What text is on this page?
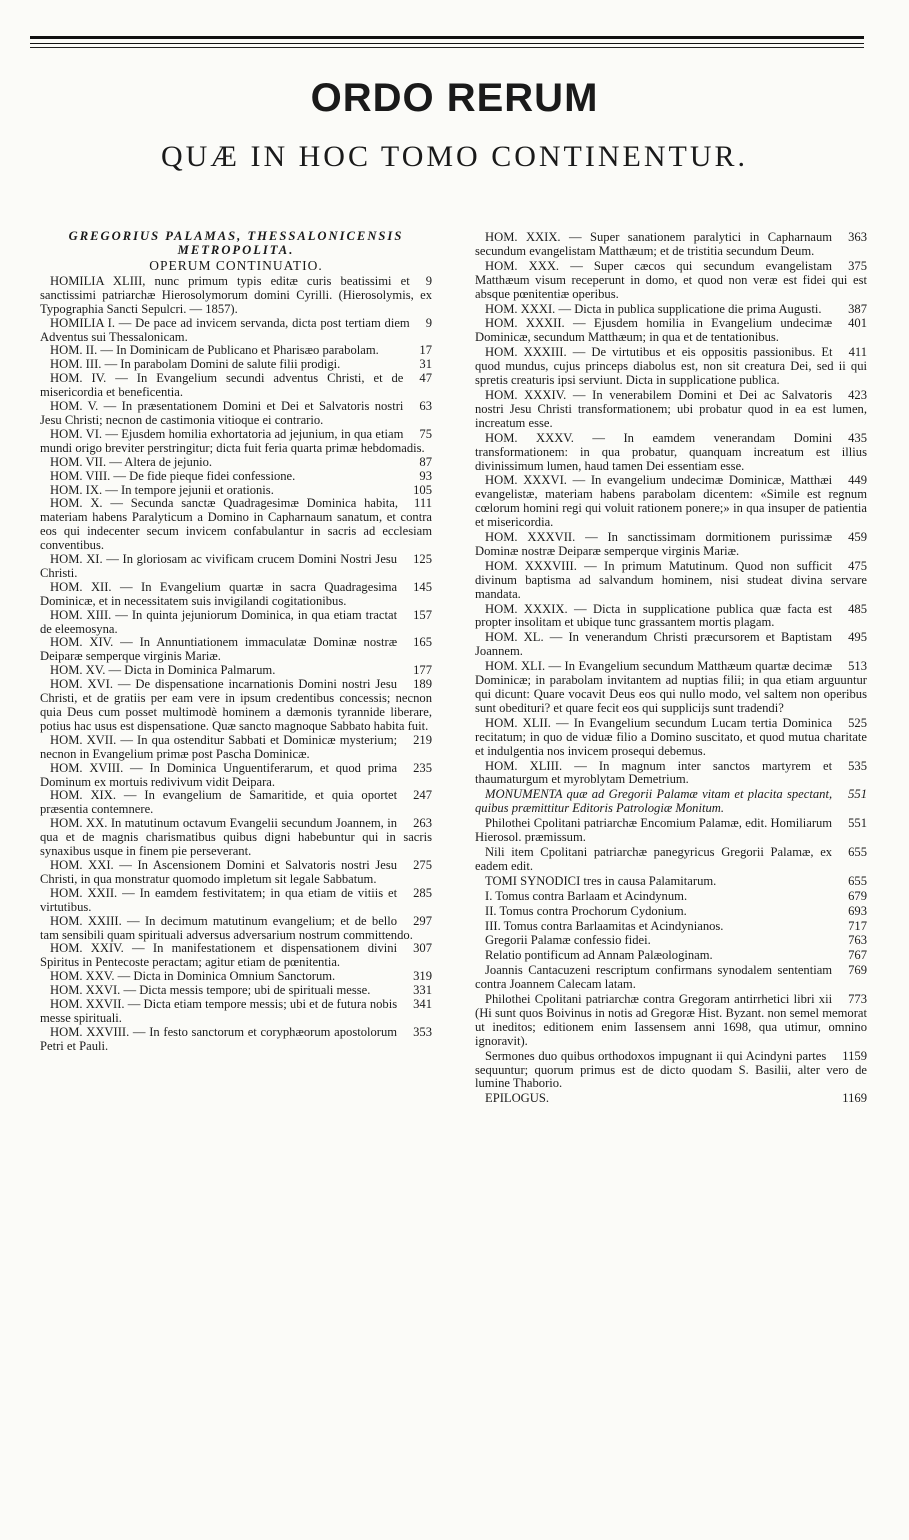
ORDO RERUM
QUÆ IN HOC TOMO CONTINENTUR.
GREGORIUS PALAMAS, THESSALONICENSIS METROPOLITA.
OPERUM CONTINUATIO.
9
HOMILIA XLIII, nunc primum typis editæ curis beatissimi et sanctissimi patriarchæ Hierosolymorum domini Cyrilli. (Hierosolymis, ex Typographia Sancti Sepulcri. — 1857).
9
HOMILIA I. — De pace ad invicem servanda, dicta post tertiam diem Adventus sui Thessalonicam.
17
HOM. II. — In Dominicam de Publicano et Pharisæo parabolam.
31
HOM. III. — In parabolam Domini de salute filii prodigi.
47
HOM. IV. — In Evangelium secundi adventus Christi, et de misericordia et beneficentia.
63
HOM. V. — In præsentationem Domini et Dei et Salvatoris nostri Jesu Christi; necnon de castimonia vitioque ei contrario.
75
HOM. VI. — Ejusdem homilia exhortatoria ad jejunium, in qua etiam mundi origo breviter perstringitur; dicta fuit feria quarta primæ hebdomadis.
87
HOM. VII. — Altera de jejunio.
93
HOM. VIII. — De fide pieque fidei confessione.
105
HOM. IX. — In tempore jejunii et orationis.
111
HOM. X. — Secunda sanctæ Quadragesimæ Dominica habita, materiam habens Paralyticum a Domino in Capharnaum sanatum, et contra eos qui indecenter secum invicem confabulantur in sacris ad ecclesiam conventibus.
125
HOM. XI. — In gloriosam ac vivificam crucem Domini Nostri Jesu Christi.
145
HOM. XII. — In Evangelium quartæ in sacra Quadragesima Dominicæ, et in necessitatem suis invigilandi cogitationibus.
157
HOM. XIII. — In quinta jejuniorum Dominica, in qua etiam tractat de eleemosyna.
165
HOM. XIV. — In Annuntiationem immaculatæ Dominæ nostræ Deiparæ semperque virginis Mariæ.
177
HOM. XV. — Dicta in Dominica Palmarum.
189
HOM. XVI. — De dispensatione incarnationis Domini nostri Jesu Christi, et de gratiis per eam vere in ipsum credentibus concessis; necnon quia Deus cum posset multimodè hominem a dæmonis tyrannide liberare, potius hac usus est dispensatione. Quæ sancto magnoque Sabbato habita fuit.
219
HOM. XVII. — In qua ostenditur Sabbati et Dominicæ mysterium; necnon in Evangelium primæ post Pascha Dominicæ.
235
HOM. XVIII. — In Dominica Unguentiferarum, et quod prima Dominum ex mortuis redivivum vidit Deipara.
247
HOM. XIX. — In evangelium de Samaritide, et quia oportet præsentia contemnere.
263
HOM. XX. In matutinum octavum Evangelii secundum Joannem, in qua et de magnis charismatibus quibus digni habebuntur qui in sacris synaxibus usque in finem pie perseverant.
275
HOM. XXI. — In Ascensionem Domini et Salvatoris nostri Jesu Christi, in qua monstratur quomodo impletum sit legale Sabbatum.
285
HOM. XXII. — In eamdem festivitatem; in qua etiam de vitiis et virtutibus.
297
HOM. XXIII. — In decimum matutinum evangelium; et de bello tam sensibili quam spirituali adversus adversarium nostrum committendo.
307
HOM. XXIV. — In manifestationem et dispensationem divini Spiritus in Pentecoste peractam; agitur etiam de pœnitentia.
319
HOM. XXV. — Dicta in Dominica Omnium Sanctorum.
331
HOM. XXVI. — Dicta messis tempore; ubi de spirituali messe.
341
HOM. XXVII. — Dicta etiam tempore messis; ubi et de futura nobis messe spirituali.
353
HOM. XXVIII. — In festo sanctorum et coryphæorum apostolorum Petri et Pauli.
363
HOM. XXIX. — Super sanationem paralytici in Capharnaum secundum evangelistam Matthæum; et de tristitia secundum Deum.
375
HOM. XXX. — Super cæcos qui secundum evangelistam Matthæum visum receperunt in domo, et quod non veræ est fidei qui est absque pœnitentiæ operibus.
387
HOM. XXXI. — Dicta in publica supplicatione die prima Augusti.
401
HOM. XXXII. — Ejusdem homilia in Evangelium undecimæ Dominicæ, secundum Matthæum; in qua et de tentationibus.
411
HOM. XXXIII. — De virtutibus et eis oppositis passionibus. Et quod mundus, cujus princeps diabolus est, non sit creatura Dei, sed ii qui spretis creaturis ipsi serviunt. Dicta in supplicatione publica.
423
HOM. XXXIV. — In venerabilem Domini et Dei ac Salvatoris nostri Jesu Christi transformationem; ubi probatur quod in ea est lumen, increatum esse.
435
HOM. XXXV. — In eamdem venerandam Domini transformationem: in qua probatur, quanquam increatum est illius divinissimum lumen, haud tamen Dei essentiam esse.
449
HOM. XXXVI. — In evangelium undecimæ Dominicæ, Matthæi evangelistæ, materiam habens parabolam dicentem: «Simile est regnum cœlorum homini regi qui voluit rationem ponere;» in qua insuper de patientia et misericordia.
459
HOM. XXXVII. — In sanctissimam dormitionem purissimæ Dominæ nostræ Deiparæ semperque virginis Mariæ.
475
HOM. XXXVIII. — In primum Matutinum. Quod non sufficit divinum baptisma ad salvandum hominem, nisi studeat divina servare mandata.
485
HOM. XXXIX. — Dicta in supplicatione publica quæ facta est propter insolitam et ubique tunc grassantem mortis plagam.
495
HOM. XL. — In venerandum Christi præcursorem et Baptistam Joannem.
513
HOM. XLI. — In Evangelium secundum Matthæum quartæ decimæ Dominicæ; in parabolam invitantem ad nuptias filii; in qua etiam arguuntur qui dicunt: Quare vocavit Deus eos qui nullo modo, vel saltem non operibus sunt obedituri? et quare fecit eos qui supplicijs sunt tradendi?
525
HOM. XLII. — In Evangelium secundum Lucam tertia Dominica recitatum; in quo de viduæ filio a Domino suscitato, et quod mutua charitate et indulgentia nos invicem prosequi debemus.
535
HOM. XLIII. — In magnum inter sanctos martyrem et thaumaturgum et myroblytam Demetrium.
551
MONUMENTA quæ ad Gregorii Palamæ vitam et placita spectant, quibus præmittitur Editoris Patrologiæ Monitum.
551
Philothei Cpolitani patriarchæ Encomium Palamæ, edit. Homiliarum Hierosol. præmissum.
655
Nili item Cpolitani patriarchæ panegyricus Gregorii Palamæ, ex eadem edit.
655
TOMI SYNODICI tres in causa Palamitarum.
679
I. Tomus contra Barlaam et Acindynum.
693
II. Tomus contra Prochorum Cydonium.
717
III. Tomus contra Barlaamitas et Acindynianos.
763
Gregorii Palamæ confessio fidei.
767
Relatio pontificum ad Annam Palæologinam.
769
Joannis Cantacuzeni rescriptum confirmans synodalem sententiam contra Joannem Calecam latam.
773
Philothei Cpolitani patriarchæ contra Gregoram antirrhetici libri xii (Hi sunt quos Boivinus in notis ad Gregoræ Hist. Byzant. non semel memorat ut ineditos; editionem enim Iassensem anni 1698, qua utimur, omnino ignoravit).
1159
Sermones duo quibus orthodoxos impugnant ii qui Acindyni partes sequuntur; quorum primus est de dicto quodam S. Basilii, alter vero de lumine Thaborio.
1169
EPILOGUS.
